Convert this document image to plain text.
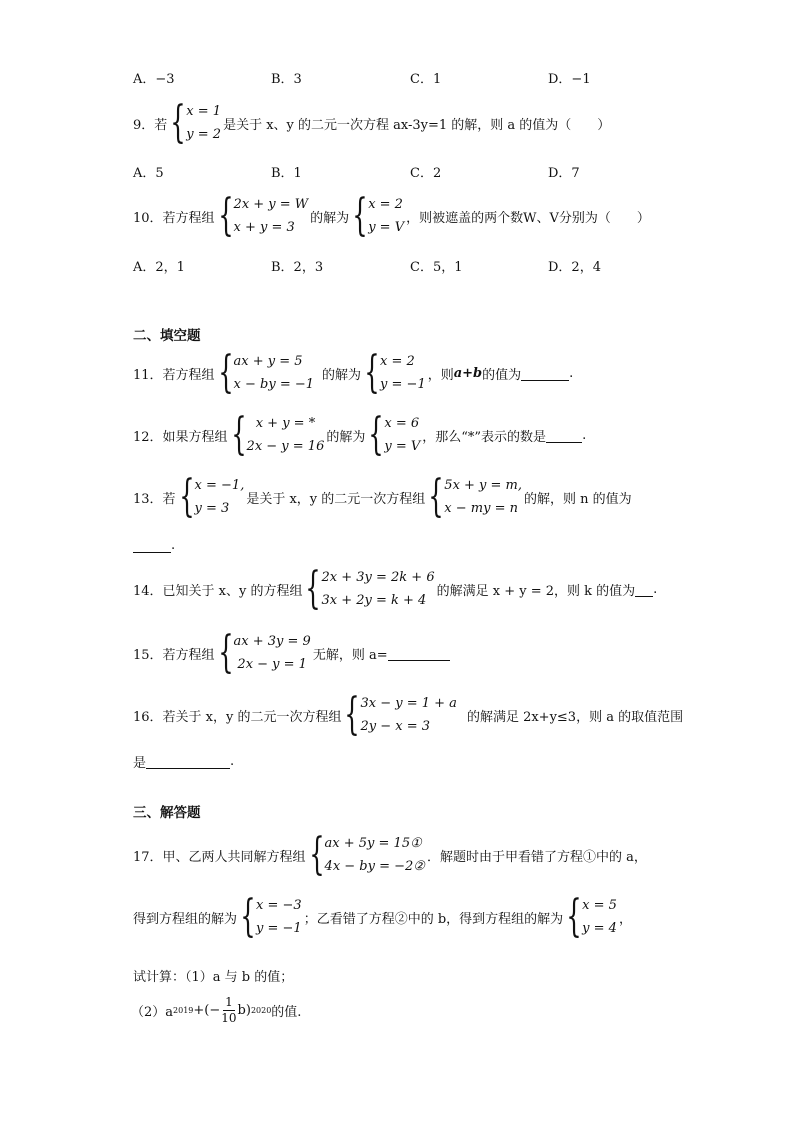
A．−3	B．3	C．1	D．−1
9．若 { x = 1
y = 2
是关于 x、y 的二元一次方程 ax-3y=1 的解，则 a 的值为（　　）
A．5	B．1	C．2	D．7
10．若方程组 { 2x + y = W
x + y = 3
的解为 { x = 2
y = V
，则被遮盖的两个数W、V分别为（　　）
A．2，1	B．2，3	C．5，1	D．2，4
二、填空题
11．若方程组 { ax + y = 5
x − by = −1
的解为 { x = 2
y = −1
，则 a+b 的值为	.
12．如果方程组 { x + y = *
2x − y = 16
的解为 { x = 6
y = V
，那么“*”表示的数是	.
13．若 { x = −1,
y = 3
是关于 x，y 的二元一次方程组 { 5x + y = m,
x − my = n
的解，则 n 的值为
.
14．已知关于 x、y 的方程组 { 2x + 3y = 2k + 6
3x + 2y = k + 4
的解满足 x + y = 2，则 k 的值为 .
15．若方程组 { ax + 3y = 9
2x − y = 1
无解，则 a=
16．若关于 x，y 的二元一次方程组 { 3x − y = 1 + a
2y − x = 3
的解满足 2x+y≤3，则 a 的取值范围
是	.
三、解答题
17．甲、乙两人共同解方程组 { ax + 5y = 15①
4x − by = −2②
．解题时由于甲看错了方程①中的 a，
得到方程组的解为 { x = −3
y = −1
；乙看错了方程②中的 b，得到方程组的解为 { x = 5
y = 4
，
试计算：（1）a 与 b 的值；
（2）a 2019 +(− $\frac{1}{10} b$) 2020 的值.
